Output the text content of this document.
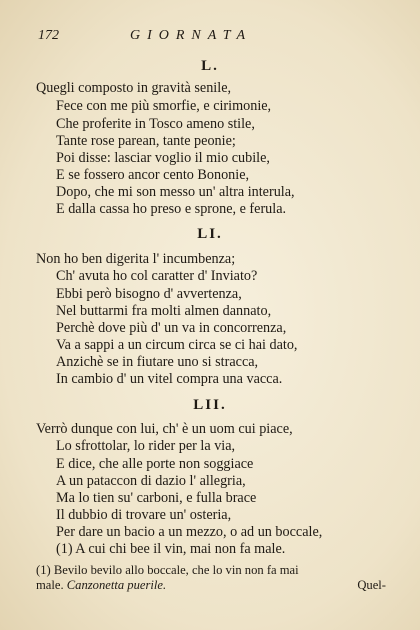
172	GIORNATA
L.
Quegli composto in gravità senile,
Fece con me più smorfie, e cirimonie,
Che proferite in Tosco ameno stile,
Tante rose parean, tante peonie;
Poi disse: lasciar voglio il mio cubile,
E se fossero ancor cento Bononie,
Dopo, che mi son messo un' altra interula,
E dalla cassa ho preso e sprone, e ferula.
LI.
Non ho ben digerita l' incumbenza;
Ch' avuta ho col caratter d' Inviato?
Ebbi però bisogno d' avvertenza,
Nel buttarmi fra molti almen dannato,
Perchè dove più d' un va in concorrenza,
Va a sappi a un circum circa se ci hai dato,
Anzichè se in fiutare uno si stracca,
In cambio d' un vitel compra una vacca.
LII.
Verrò dunque con lui, ch' è un uom cui piace,
Lo sfrottolar, lo rider per la via,
E dice, che alle porte non soggiace
A un pataccon di dazio l' allegria,
Ma lo tien su' carboni, e fulla brace
Il dubbio di trovare un' osteria,
Per dare un bacio a un mezzo, o ad un boccale,
(1) A cui chi bee il vin, mai non fa male.
(1) Bevilo bevilo allo boccale, che lo vin non fa mai
male. Canzonetta puerile.	Quel-
